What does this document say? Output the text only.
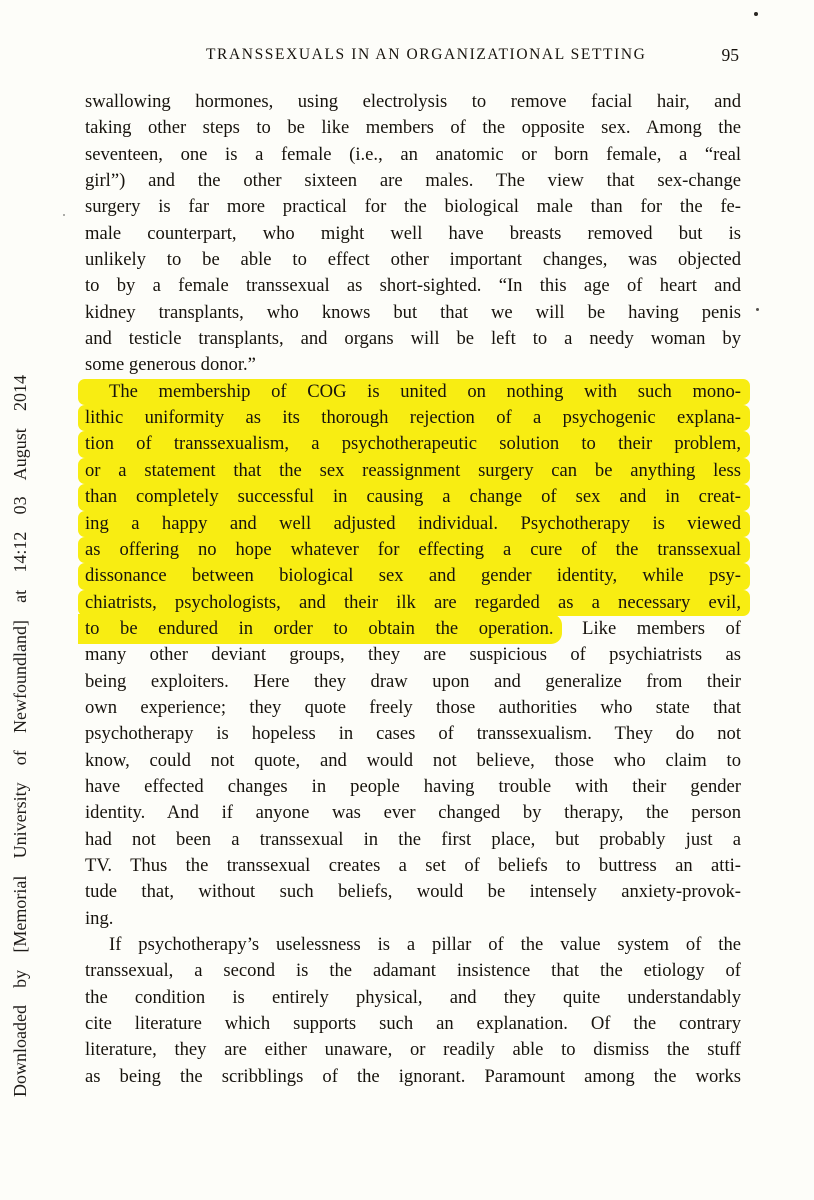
TRANSSEXUALS IN AN ORGANIZATIONAL SETTING	95
swallowing hormones, using electrolysis to remove facial hair, and
taking other steps to be like members of the opposite sex. Among the
seventeen, one is a female (i.e., an anatomic or born female, a “real
girl”) and the other sixteen are males. The view that sex-change
surgery is far more practical for the biological male than for the fe-
male counterpart, who might well have breasts removed but is
unlikely to be able to effect other important changes, was objected
to by a female transsexual as short-sighted. “In this age of heart and
kidney transplants, who knows but that we will be having penis
and testicle transplants, and organs will be left to a needy woman by
some generous donor.”
The membership of COG is united on nothing with such mono-
lithic uniformity as its thorough rejection of a psychogenic explana-
tion of transsexualism, a psychotherapeutic solution to their problem,
or a statement that the sex reassignment surgery can be anything less
than completely successful in causing a change of sex and in creat-
ing a happy and well adjusted individual. Psychotherapy is viewed
as offering no hope whatever for effecting a cure of the transsexual
dissonance between biological sex and gender identity, while psy-
chiatrists, psychologists, and their ilk are regarded as a necessary evil,
to be endured in order to obtain the operation. Like members of
many other deviant groups, they are suspicious of psychiatrists as
being exploiters. Here they draw upon and generalize from their
own experience; they quote freely those authorities who state that
psychotherapy is hopeless in cases of transsexualism. They do not
know, could not quote, and would not believe, those who claim to
have effected changes in people having trouble with their gender
identity. And if anyone was ever changed by therapy, the person
had not been a transsexual in the first place, but probably just a
TV. Thus the transsexual creates a set of beliefs to buttress an atti-
tude that, without such beliefs, would be intensely anxiety-provok-
ing.
If psychotherapy’s uselessness is a pillar of the value system of the
transsexual, a second is the adamant insistence that the etiology of
the condition is entirely physical, and they quite understandably
cite literature which supports such an explanation. Of the contrary
literature, they are either unaware, or readily able to dismiss the stuff
as being the scribblings of the ignorant. Paramount among the works
Downloaded by [Memorial University of Newfoundland] at 14:12 03 August 2014
